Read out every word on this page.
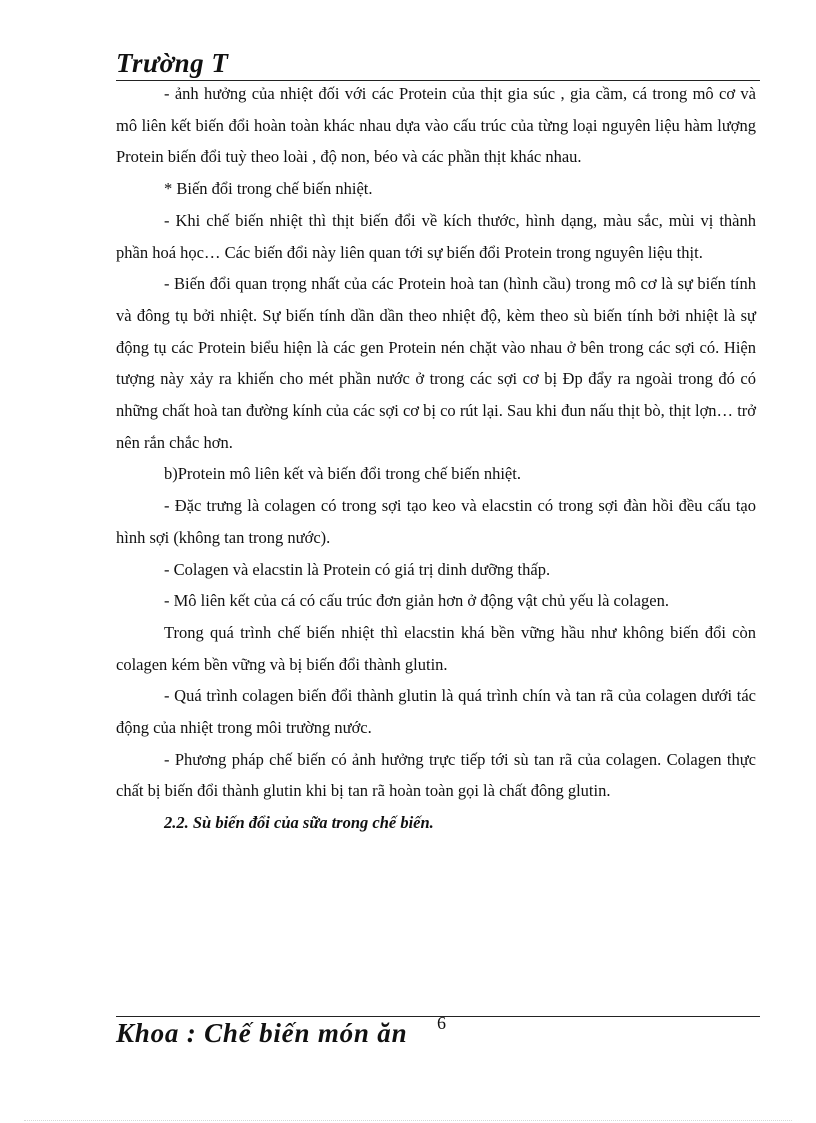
Trường T

- ảnh hưởng của nhiệt đối với các Protein của thịt gia súc , gia cầm, cá trong mô cơ và mô liên kết biến đổi hoàn toàn khác nhau dựa vào cấu trúc của từng loại nguyên liệu hàm lượng Protein biến đổi tuỳ theo loài , độ non, béo và các phần thịt khác nhau.

* Biến đổi trong chế biến nhiệt.

- Khi chế biến nhiệt thì thịt biến đổi về kích thước, hình dạng, màu sắc, mùi vị thành phần hoá học… Các biến đổi này liên quan tới sự biến đổi Protein trong nguyên liệu thịt.

- Biến đổi quan trọng nhất của các Protein hoà tan (hình cầu) trong mô cơ là sự biến tính và đông tụ bởi nhiệt. Sự biến tính dần dần theo nhiệt độ, kèm theo sù biến tính bởi nhiệt là sự động tụ các Protein biểu hiện là các gen Protein nén chặt vào nhau ở bên trong các sợi có. Hiện tượng này xảy ra khiến cho mét phần nước ở trong các sợi cơ bị Đp đẩy ra ngoài trong đó có những chất hoà tan đường kính của các sợi cơ bị co rút lại. Sau khi đun nấu thịt bò, thịt lợn… trở nên rắn chắc hơn.

b)Protein mô liên kết và biến đổi trong chế biến nhiệt.

- Đặc trưng là colagen có trong sợi tạo keo và elacstin có trong sợi đàn hồi đều cấu tạo hình sợi (không tan trong nước).

- Colagen và elacstin là Protein có giá trị dinh dưỡng thấp.

- Mô liên kết của cá có cấu trúc đơn giản hơn ở động vật chủ yếu là colagen.

Trong quá trình chế biến nhiệt thì elacstin khá bền vững hầu như không biến đổi còn colagen kém bền vững và bị biến đổi thành glutin.

- Quá trình colagen biến đổi thành glutin là quá trình chín và tan rã của colagen dưới tác động của nhiệt trong môi trường nước.

- Phương pháp chế biến có ảnh hưởng trực tiếp tới sù tan rã của colagen. Colagen thực chất bị biến đổi thành glutin khi bị tan rã hoàn toàn gọi là chất đông glutin.

2.2. Sù biến đổi của sữa trong chế biến.

Khoa : Chế biến món ăn 6
